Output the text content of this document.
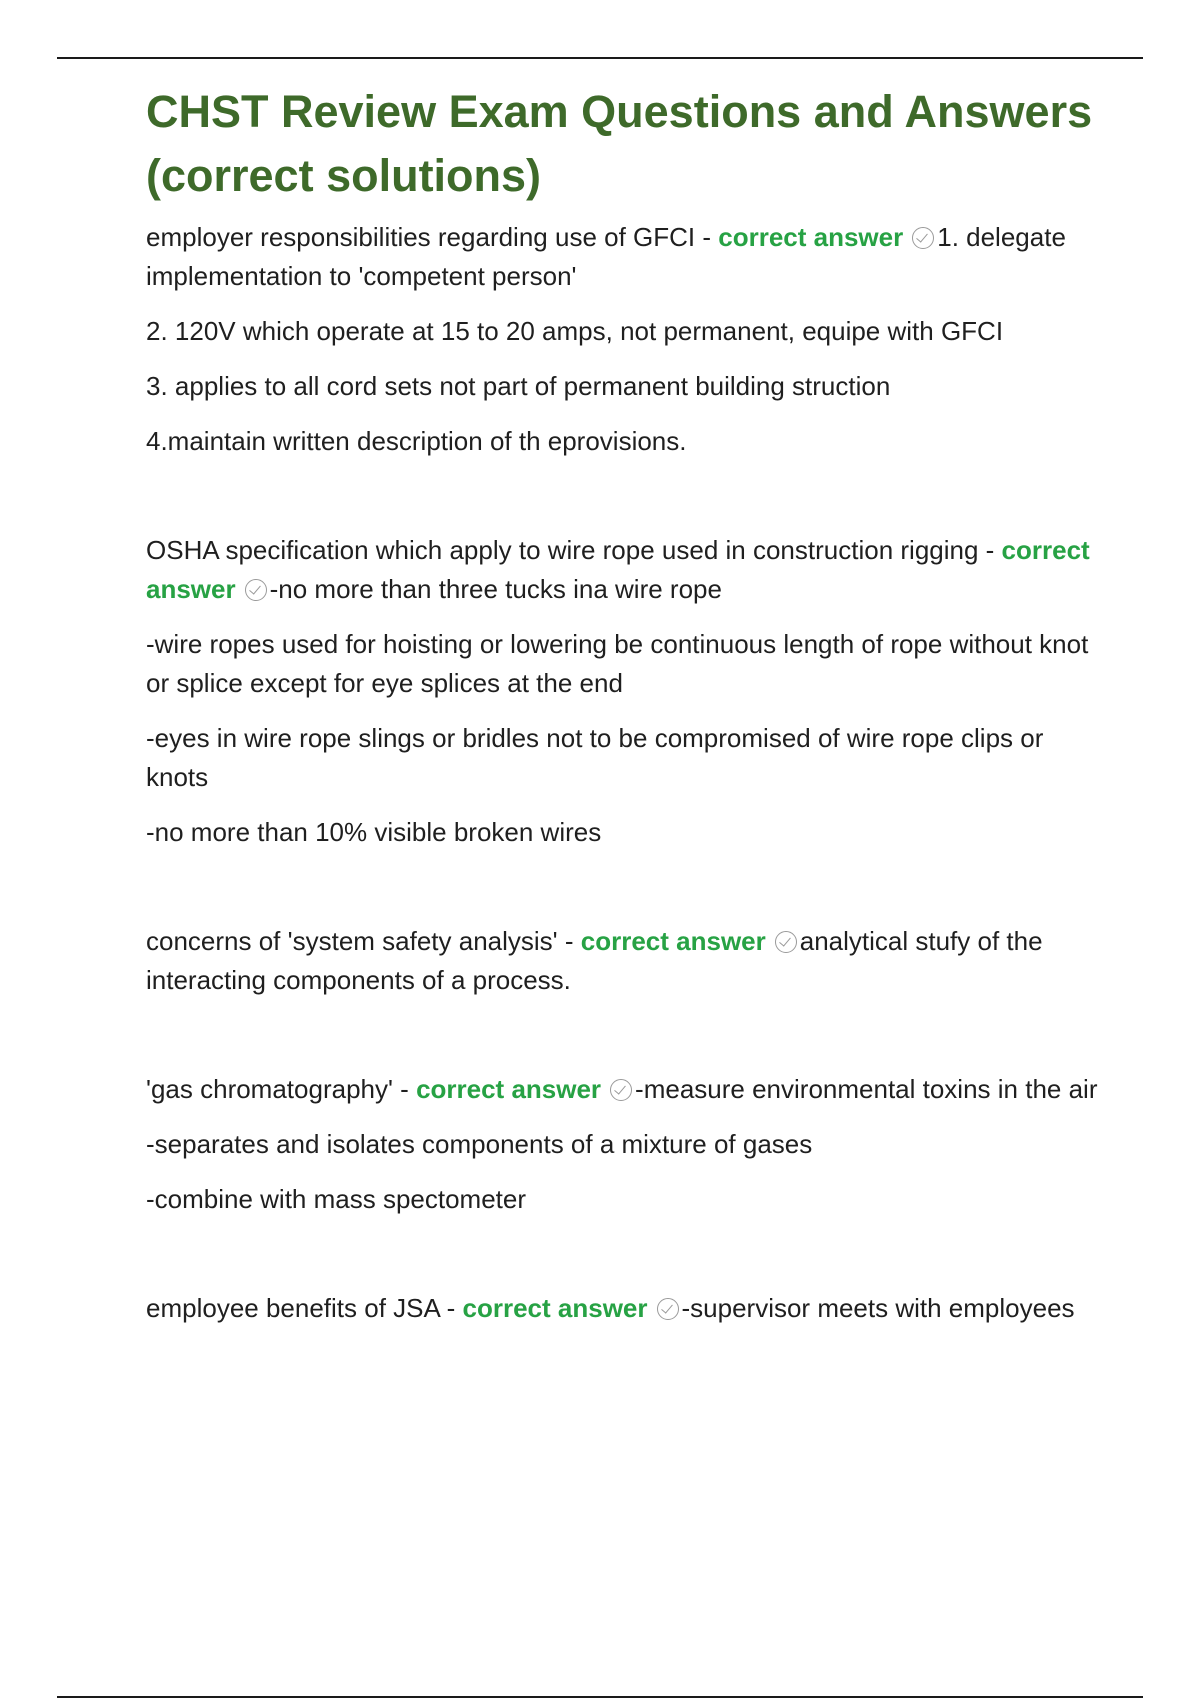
CHST Review Exam Questions and Answers (correct solutions)

employer responsibilities regarding use of GFCI - correct answer 1. delegate implementation to 'competent person'

2. 120V which operate at 15 to 20 amps, not permanent, equipe with GFCI

3. applies to all cord sets not part of permanent building struction

4.maintain written description of th eprovisions.

OSHA specification which apply to wire rope used in construction rigging - correct answer -no more than three tucks ina wire rope

-wire ropes used for hoisting or lowering be continuous length of rope without knot or splice except for eye splices at the end

-eyes in wire rope slings or bridles not to be compromised of wire rope clips or knots

-no more than 10% visible broken wires

concerns of 'system safety analysis' - correct answer analytical stufy of the interacting components of a process.

'gas chromatography' - correct answer -measure environmental toxins in the air

-separates and isolates components of a mixture of gases

-combine with mass spectometer

employee benefits of JSA - correct answer -supervisor meets with employees
